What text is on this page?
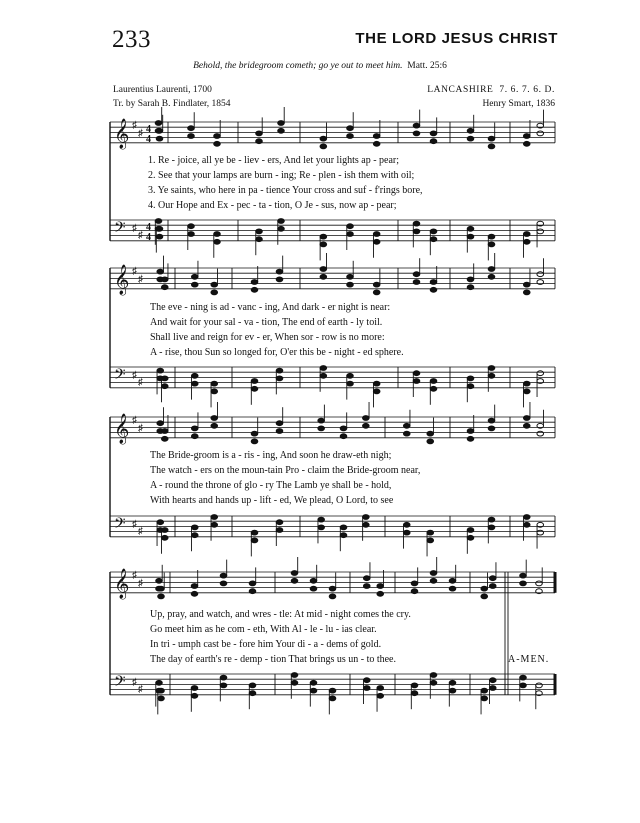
233	THE LORD JESUS CHRIST
Behold, the bridegroom cometh; go ye out to meet him. Matt. 25:6
Laurentius Laurenti, 1700
Tr. by Sarah B. Findlater, 1854
LANCASHIRE 7. 6. 7. 6. D.
Henry Smart, 1836
𝄞 ♯
♯ 4
4
𝄢 ♯
♯
4
4
𝄞 ♯
♯
𝄢 ♯
♯
𝄞 ♯
♯
𝄢 ♯
♯
𝄞 ♯
♯
𝄢 ♯
♯
1. Re - joice, all ye be - liev - ers, And let your lights ap - pear;
2. See that your lamps are burn - ing; Re - plen - ish them with oil;
3. Ye saints, who here in pa - tience Your cross and suf - f'rings bore,
4. Our Hope and Ex - pec - ta - tion, O Je - sus, now ap - pear;
The eve - ning is ad - vanc - ing, And dark - er night is near:
And wait for your sal - va - tion, The end of earth - ly toil.
Shall live and reign for ev - er, When sor - row is no more:
A - rise, thou Sun so longed for, O'er this be - night - ed sphere.
The Bride-groom is a - ris - ing, And soon he draw-eth nigh;
The watch - ers on the moun-tain Pro - claim the Bride-groom near,
A - round the throne of glo - ry The Lamb ye shall be - hold,
With hearts and hands up - lift - ed, We plead, O Lord, to see
Up, pray, and watch, and wres - tle: At mid - night comes the cry.
Go meet him as he com - eth, With Al - le - lu - ias clear.
In tri - umph cast be - fore him Your di - a - dems of gold.
The day of earth's re - demp - tion That brings us un - to thee.	A-MEN.
